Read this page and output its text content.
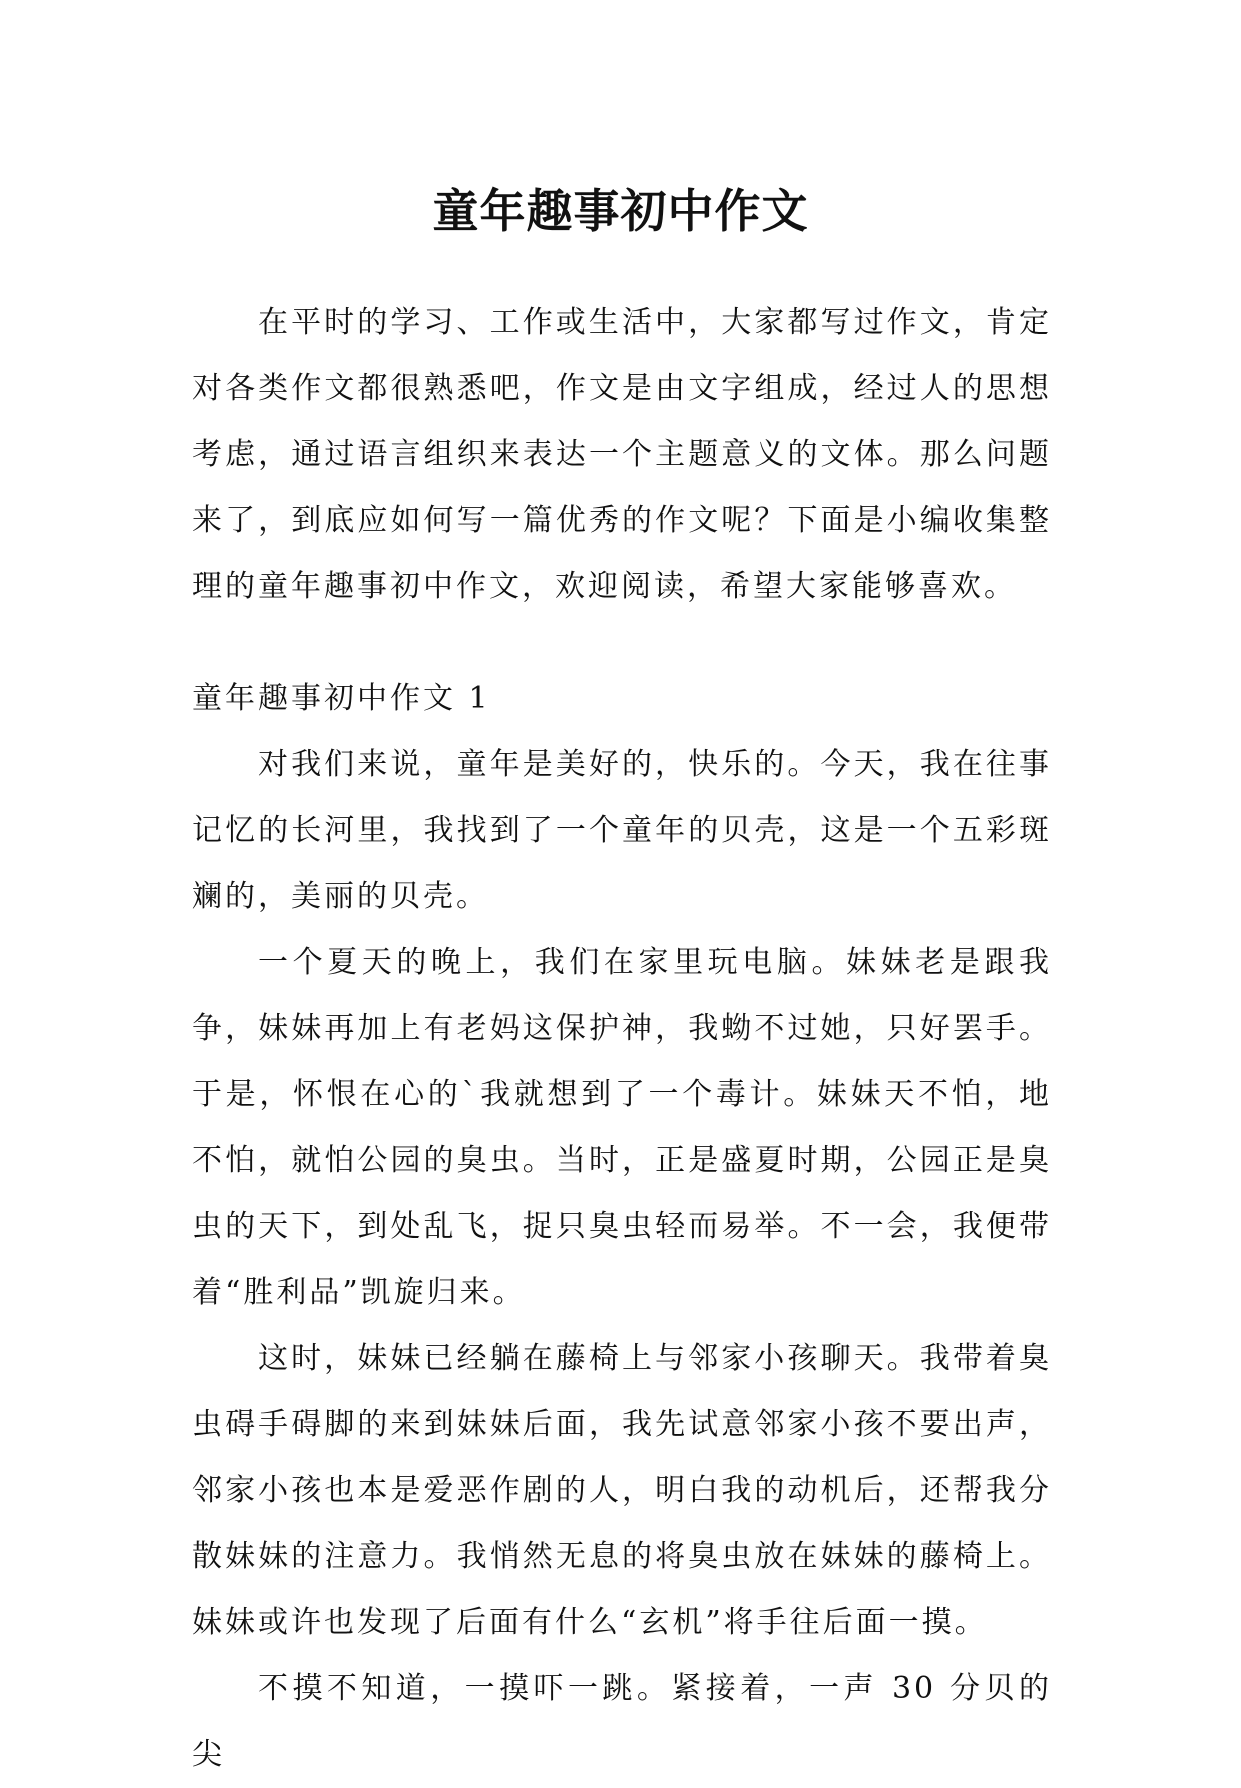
童年趣事初中作文

在平时的学习、工作或生活中，大家都写过作文，肯定对各类作文都很熟悉吧，作文是由文字组成，经过人的思想考虑，通过语言组织来表达一个主题意义的文体。那么问题来了，到底应如何写一篇优秀的作文呢？下面是小编收集整理的童年趣事初中作文，欢迎阅读，希望大家能够喜欢。

童年趣事初中作文 1

对我们来说，童年是美好的，快乐的。今天，我在往事记忆的长河里，我找到了一个童年的贝壳，这是一个五彩斑斓的，美丽的贝壳。

一个夏天的晚上，我们在家里玩电脑。妹妹老是跟我争，妹妹再加上有老妈这保护神，我蚴不过她，只好罢手。于是，怀恨在心的`我就想到了一个毒计。妹妹天不怕，地不怕，就怕公园的臭虫。当时，正是盛夏时期，公园正是臭虫的天下，到处乱飞，捉只臭虫轻而易举。不一会，我便带着“胜利品”凯旋归来。

这时，妹妹已经躺在藤椅上与邻家小孩聊天。我带着臭虫碍手碍脚的来到妹妹后面，我先试意邻家小孩不要出声，邻家小孩也本是爱恶作剧的人，明白我的动机后，还帮我分散妹妹的注意力。我悄然无息的将臭虫放在妹妹的藤椅上。妹妹或许也发现了后面有什么“玄机”将手往后面一摸。

不摸不知道，一摸吓一跳。紧接着，一声 30 分贝的尖
